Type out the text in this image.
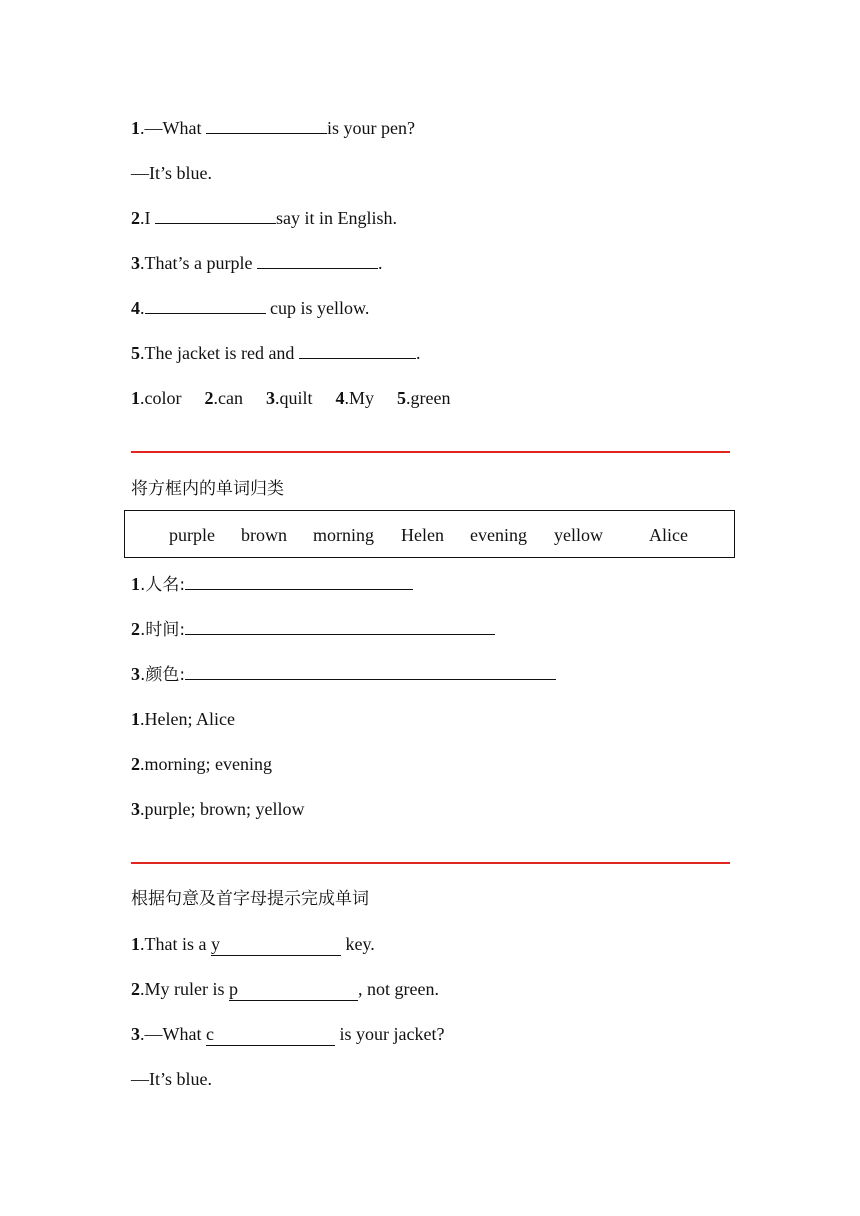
1.—What	is your pen?
—It’s blue.
2.I	say it in English.
3.That’s a purple	.
4.	cup is yellow.
5.The jacket is red and	.
1.color 2.can 3.quilt 4.My 5.green
将方框内的单词归类
purple brown morning Helen evening yellow	Alice
1.人名:
2.时间:
3.颜色:
1.Helen; Alice
2.morning; evening
3.purple; brown; yellow
根据句意及首字母提示完成单词
1.That is a y	key.
2.My ruler is p	, not green.
3.—What c	is your jacket?
—It’s blue.
